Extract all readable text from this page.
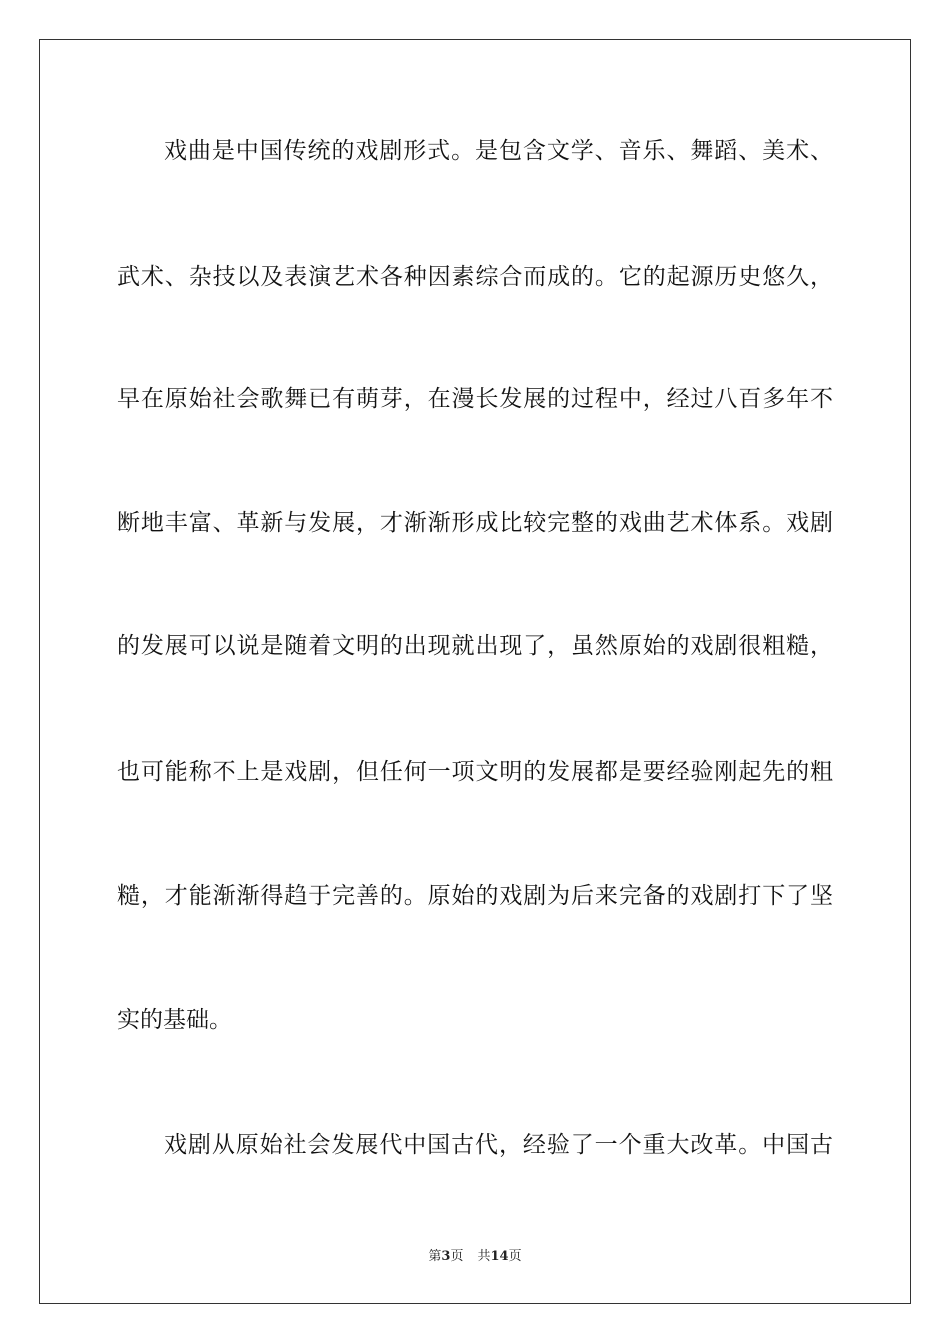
戏曲是中国传统的戏剧形式。是包含文学、音乐、舞蹈、美术、
武术、杂技以及表演艺术各种因素综合而成的。它的起源历史悠久，
早在原始社会歌舞已有萌芽，在漫长发展的过程中，经过八百多年不
断地丰富、革新与发展，才渐渐形成比较完整的戏曲艺术体系。戏剧
的发展可以说是随着文明的出现就出现了，虽然原始的戏剧很粗糙，
也可能称不上是戏剧，但任何一项文明的发展都是要经验刚起先的粗
糙，才能渐渐得趋于完善的。原始的戏剧为后来完备的戏剧打下了坚
实的基础。
戏剧从原始社会发展代中国古代，经验了一个重大改革。中国古
第3页 共14页
